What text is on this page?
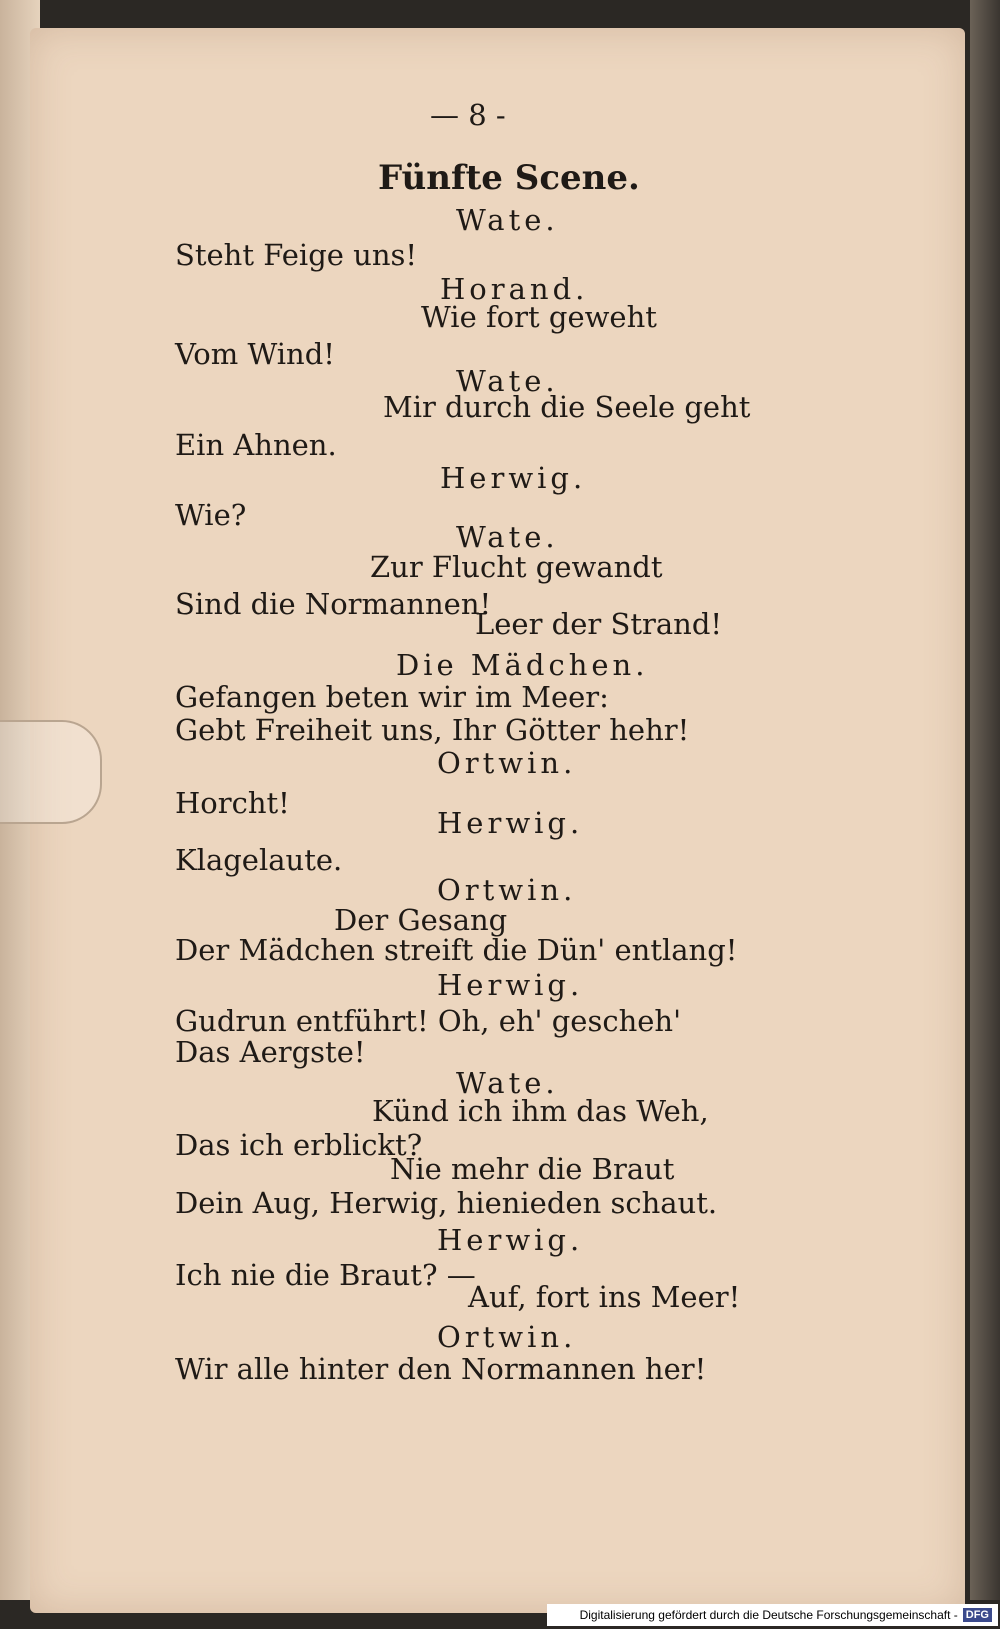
— 8 -
Fünfte Scene.
Wate.
Steht Feige uns!
Horand.
Wie fort geweht
Vom Wind!
Wate.
Mir durch die Seele geht
Ein Ahnen.
Herwig.
Wie?
Wate.
Zur Flucht gewandt
Sind die Normannen!
Leer der Strand!
Die Mädchen.
Gefangen beten wir im Meer:
Gebt Freiheit uns, Ihr Götter hehr!
Ortwin.
Horcht!
Herwig.
Klagelaute.
Ortwin.
Der Gesang
Der Mädchen streift die Dün' entlang!
Herwig.
Gudrun entführt! Oh, eh' gescheh'
Das Aergste!
Wate.
Künd ich ihm das Weh,
Das ich erblickt?
Nie mehr die Braut
Dein Aug, Herwig, hienieden schaut.
Herwig.
Ich nie die Braut? —
Auf, fort ins Meer!
Ortwin.
Wir alle hinter den Normannen her!
Digitalisierung gefördert durch die Deutsche Forschungsgemeinschaft - DFG
